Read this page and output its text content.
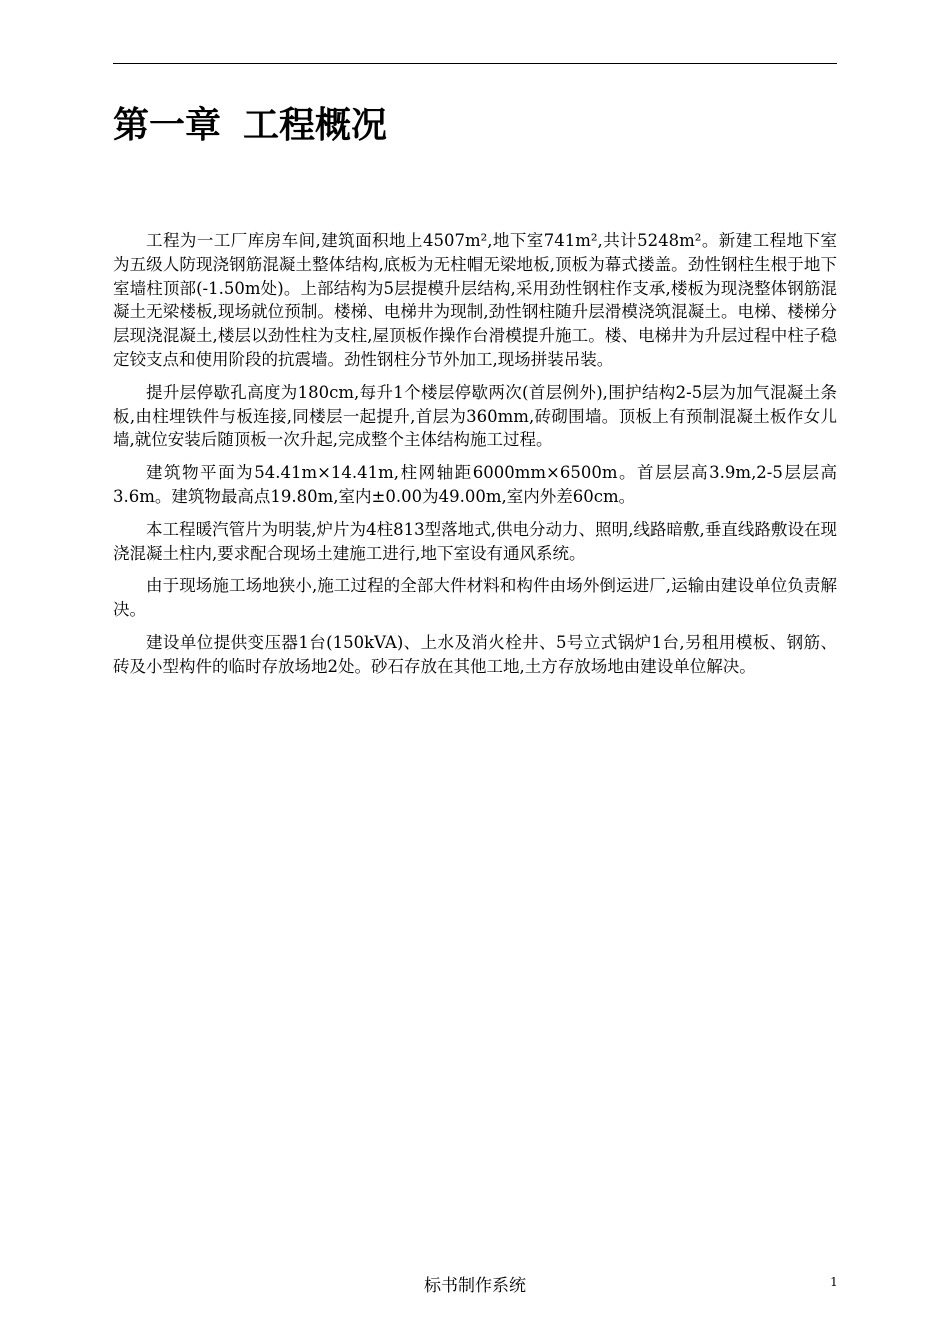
第一章 工程概况

工程为一工厂库房车间,建筑面积地上4507m²,地下室741m²,共计5248m²。新建工程地下室为五级人防现浇钢筋混凝土整体结构,底板为无柱帽无梁地板,顶板为幕式搂盖。劲性钢柱生根于地下室墙柱顶部(-1.50m处)。上部结构为5层提模升层结构,采用劲性钢柱作支承,楼板为现浇整体钢筋混凝土无梁楼板,现场就位预制。楼梯、电梯井为现制,劲性钢柱随升层滑模浇筑混凝土。电梯、楼梯分层现浇混凝土,楼层以劲性柱为支柱,屋顶板作操作台滑模提升施工。楼、电梯井为升层过程中柱子稳定铰支点和使用阶段的抗震墙。劲性钢柱分节外加工,现场拼装吊装。

提升层停歇孔高度为180cm,每升1个楼层停歇两次(首层例外),围护结构2-5层为加气混凝土条板,由柱埋铁件与板连接,同楼层一起提升,首层为360mm,砖砌围墙。顶板上有预制混凝土板作女儿墙,就位安装后随顶板一次升起,完成整个主体结构施工过程。

建筑物平面为54.41m×14.41m,柱网轴距6000mm×6500m。首层层高3.9m,2-5层层高3.6m。建筑物最高点19.80m,室内±0.00为49.00m,室内外差60cm。

本工程暖汽管片为明装,炉片为4柱813型落地式,供电分动力、照明,线路暗敷,垂直线路敷设在现浇混凝土柱内,要求配合现场土建施工进行,地下室设有通风系统。

由于现场施工场地狭小,施工过程的全部大件材料和构件由场外倒运进厂,运输由建设单位负责解决。

建设单位提供变压器1台(150kVA)、上水及消火栓井、5号立式锅炉1台,另租用模板、钢筋、砖及小型构件的临时存放场地2处。砂石存放在其他工地,土方存放场地由建设单位解决。

标书制作系统	1
